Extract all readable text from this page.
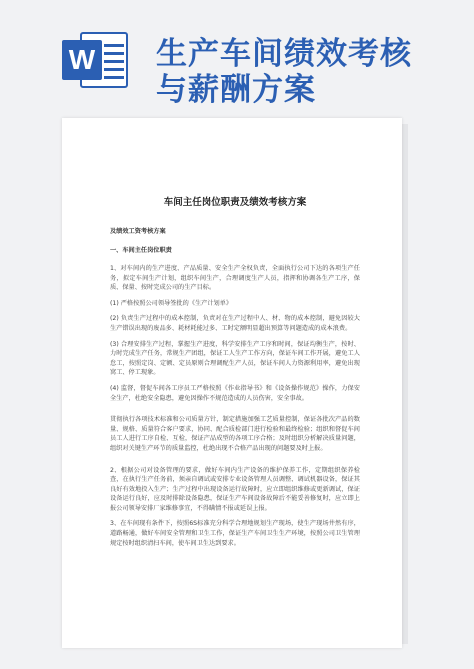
W 生产车间绩效考核
与薪酬方案
车间主任岗位职责及绩效考核方案
及绩效工资考核方案
一、车间主任岗位职责
1、对车间内的生产进度、产品质量、安全生产全权负责，全面执行公司下达的各项生产任务，拟定车间生产计划，组织车间生产，合理调度生产人员，指挥和协调各生产工序，保质、保量、按时完成公司的生产目标。
(1) 严格按照公司领导签批的《生产计划单》
(2) 负责生产过程中的成本控制，负责对在生产过程中人、材、物的成本控制，避免因较大生产错误出现的废品多、耗材耗能过多、工时定额明显超出预算等问题造成的成本浪费。
(3) 合理安排生产过程，掌握生产进度，科学安排生产工序和时间，保证均衡生产，按时、力时完成生产任务，常规生产团组，保证工人生产工作方向，保证车间工作开展，避免工人怠工，按照定岗、定额、定员原则合理调配生产人员，保证车间人力资源利用率，避免出现窝工、停工现象。
(4) 监督，督促车间各工序员工严格按照《作业指导书》和《设备操作规范》操作，力保安全生产，杜绝安全隐患，避免因操作不规范造成的人员伤害，安全事故。
贯彻执行各项技术标准和公司质量方针，制定措施加强工艺质量控制，保证各批次产品的数量、规格、质量符合客户要求，协同、配合质检部门进行检验和最终检验；组织和督促车间员工人进行工序自检、互检，保证产品成型的各项工序合格；及时组织分析解决质量问题，组织对关键生产环节的质量监控，杜绝出现不合格产品出现的问题要及时上报。
2、根据公司对设备管理的要求，做好车间内生产设备的维护保养工作，定期组织保养检查，在执行生产任务前，须亲自调试或安排专业设备管理人员调整、调试机器设备，保证其良好有效地投入生产；生产过程中出现设备运行故障时，应立即组织维修或更新调试，保证设备运行良好，应及时排除设备隐患，保证生产车间设备故障后不能妥善修复时，应立即上报公司领导安排厂家维修事宜，不得瞒情不报或延误上报。
3、在车间现有条件下，按照6S标准充分科学合理地规划生产现场，使生产现场井然有序，道路畅通，做好车间安全管理和卫生工作，保证生产车间卫生生产环境，按照公司卫生管理规定按时组织清扫车间，使车间卫生达到要求。
